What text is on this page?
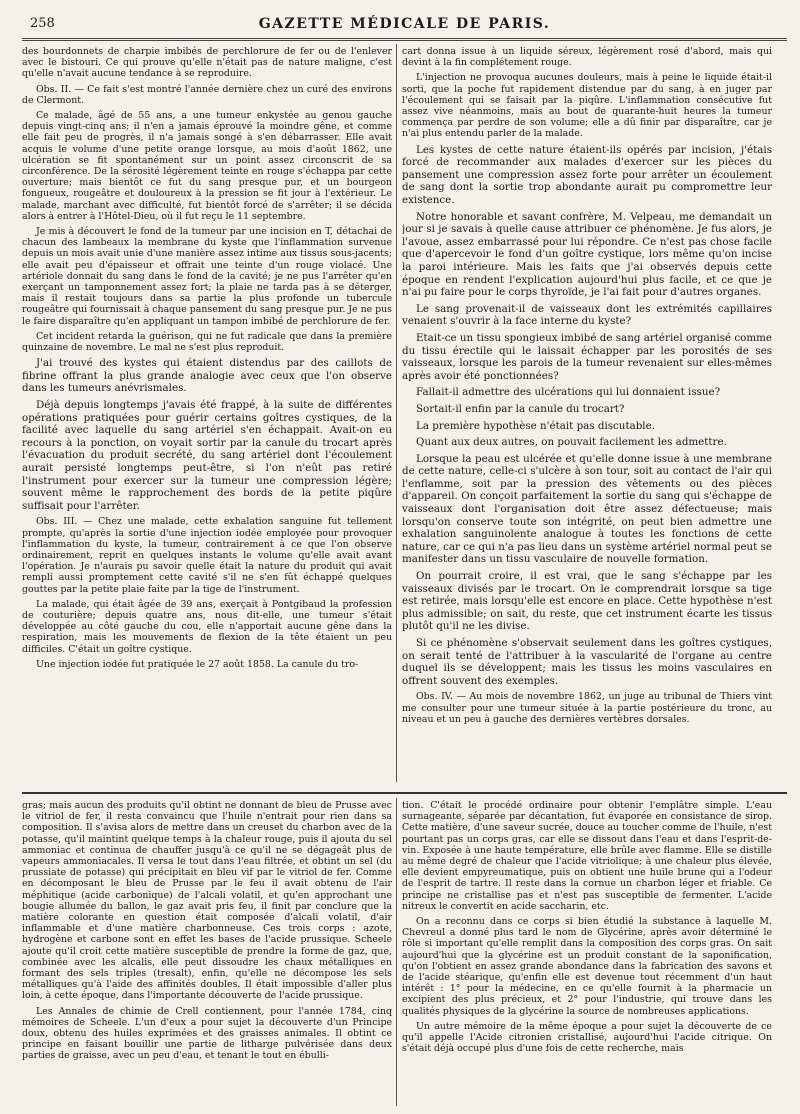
258	GAZETTE MÉDICALE DE PARIS.

des bourdonnets de charpie imbibés de perchlorure de fer ou de l'enlever avec le bistouri. Ce qui prouve qu'elle n'était pas de nature maligne, c'est qu'elle n'avait aucune tendance à se reproduire.

Obs. II. — Ce fait s'est montré l'année dernière chez un curé des environs de Clermont.

Ce malade, âgé de 55 ans, a une tumeur enkystée au genou gauche depuis vingt-cinq ans; il n'en a jamais éprouvé la moindre gêne, et comme elle fait peu de progrès, il n'a jamais songé à s'en débarrasser. Elle avait acquis le volume d'une petite orange lorsque, au mois d'août 1862, une ulcération se fit spontanément sur un point assez circonscrit de sa circonférence. De la sérosité légèrement teinte en rouge s'échappa par cette ouverture; mais bientôt ce fut du sang presque pur, et un bourgeon fongueux, rougeâtre et douloureux à la pression se fit jour à l'extérieur. Le malade, marchant avec difficulté, fut bientôt forcé de s'arrêter; il se décida alors à entrer à l'Hôtel-Dieu, où il fut reçu le 11 septembre.

Je mis à découvert le fond de la tumeur par une incision en T, détachai de chacun des lambeaux la membrane du kyste que l'inflammation survenue depuis un mois avait unie d'une manière assez intime aux tissus sous-jacents; elle avait peu d'épaisseur et offrait une teinte d'un rouge violacé. Une artériole donnait du sang dans le fond de la cavité; je ne pus l'arrêter qu'en exerçant un tamponnement assez fort; la plaie ne tarda pas à se déterger, mais il restait toujours dans sa partie la plus profonde un tubercule rougeâtre qui fournissait à chaque pansement du sang presque pur. Je ne pus le faire disparaître qu'en appliquant un tampon imbibé de perchlorure de fer.

Cet incident retarda la guérison, qui ne fut radicale que dans la première quinzaine de novembre. Le mal ne s'est plus reproduit.

J'ai trouvé des kystes qui étaient distendus par des caillots de fibrine offrant la plus grande analogie avec ceux que l'on observe dans les tumeurs anévrismales.

Déjà depuis longtemps j'avais été frappé, à la suite de différentes opérations pratiquées pour guérir certains goîtres cystiques, de la facilité avec laquelle du sang artériel s'en échappait. Avait-on eu recours à la ponction, on voyait sortir par la canule du trocart après l'évacuation du produit secrété, du sang artériel dont l'écoulement aurait persisté longtemps peut-être, si l'on n'eût pas retiré l'instrument pour exercer sur la tumeur une compression légère; souvent même le rapprochement des bords de la petite piqûre suffisait pour l'arrêter.

Obs. III. — Chez une malade, cette exhalation sanguine fut tellement prompte, qu'après la sortie d'une injection iodée employée pour provoquer l'inflammation du kyste, la tumeur, contrairement à ce que l'on observe ordinairement, reprit en quelques instants le volume qu'elle avait avant l'opération. Je n'aurais pu savoir quelle était la nature du produit qui avait rempli aussi promptement cette cavité s'il ne s'en fût échappé quelques gouttes par la petite plaie faite par la tige de l'instrument.

La malade, qui était âgée de 39 ans, exerçait à Pontgibaud la profession de couturière; depuis quatre ans, nous dit-elle, une tumeur s'était développée au côté gauche du cou, elle n'apportait aucune gêne dans la respiration, mais les mouvements de flexion de la tête étaient un peu difficiles. C'était un goître cystique.

Une injection iodée fut pratiquée le 27 août 1858. La canule du tro-

cart donna issue à un liquide séreux, légèrement rosé d'abord, mais qui devint à la fin complétement rouge.

L'injection ne provoqua aucunes douleurs, mais à peine le liquide était-il sorti, que la poche fut rapidement distendue par du sang, à en juger par l'écoulement qui se faisait par la piqûre. L'inflammation consécutive fut assez vive néanmoins, mais au bout de quarante-huit heures la tumeur commença par perdre de son volume; elle a dû finir par disparaître, car je n'ai plus entendu parler de la malade.

Les kystes de cette nature étaient-ils opérés par incision, j'étais forcé de recommander aux malades d'exercer sur les pièces du pansement une compression assez forte pour arrêter un écoulement de sang dont la sortie trop abondante aurait pu compromettre leur existence.

Notre honorable et savant confrère, M. Velpeau, me demandait un jour si je savais à quelle cause attribuer ce phénomène. Je fus alors, je l'avoue, assez embarrassé pour lui répondre. Ce n'est pas chose facile que d'apercevoir le fond d'un goître cystique, lors même qu'on incise la paroi intérieure. Mais les faits que j'ai observés depuis cette époque en rendent l'explication aujourd'hui plus facile, et ce que je n'ai pu faire pour le corps thyroïde, je l'ai fait pour d'autres organes.

Le sang provenait-il de vaisseaux dont les extrémités capillaires venaient s'ouvrir à la face interne du kyste?

Etait-ce un tissu spongieux imbibé de sang artériel organisé comme du tissu érectile qui le laissait échapper par les porosités de ses vaisseaux, lorsque les parois de la tumeur revenaient sur elles-mêmes après avoir été ponctionnées?

Fallait-il admettre des ulcérations qui lui donnaient issue?

Sortait-il enfin par la canule du trocart?

La première hypothèse n'était pas discutable.

Quant aux deux autres, on pouvait facilement les admettre.

Lorsque la peau est ulcérée et qu'elle donne issue à une membrane de cette nature, celle-ci s'ulcère à son tour, soit au contact de l'air qui l'enflamme, soit par la pression des vêtements ou des pièces d'appareil. On conçoit parfaitement la sortie du sang qui s'échappe de vaisseaux dont l'organisation doit être assez défectueuse; mais lorsqu'on conserve toute son intégrité, on peut bien admettre une exhalation sanguinolente analogue à toutes les fonctions de cette nature, car ce qui n'a pas lieu dans un système artériel normal peut se manifester dans un tissu vasculaire de nouvelle formation.

On pourrait croire, il est vrai, que le sang s'échappe par les vaisseaux divisés par le trocart. On le comprendrait lorsque sa tige est retirée, mais lorsqu'elle est encore en place. Cette hypothèse n'est plus admissible; on sait, du reste, que cet instrument écarte les tissus plutôt qu'il ne les divise.

Si ce phénomène s'observait seulement dans les goîtres cystiques, on serait tenté de l'attribuer à la vascularité de l'organe au centre duquel ils se développent; mais les tissus les moins vasculaires en offrent souvent des exemples.

Obs. IV. — Au mois de novembre 1862, un juge au tribunal de Thiers vint me consulter pour une tumeur située à la partie postérieure du tronc, au niveau et un peu à gauche des dernières vertèbres dorsales.

gras; mais aucun des produits qu'il obtint ne donnant de bleu de Prusse avec le vitriol de fer, il resta convaincu que l'huile n'entrait pour rien dans sa composition. Il s'avisa alors de mettre dans un creuset du charbon avec de la potasse, qu'il maintint quelque temps à la chaleur rouge, puis il ajouta du sel ammoniac et continua de chauffer jusqu'à ce qu'il ne se dégageât plus de vapeurs ammoniacales. Il versa le tout dans l'eau filtrée, et obtint un sel (du prussiate de potasse) qui précipitait en bleu vif par le vitriol de fer. Comme en décomposant le bleu de Prusse par le feu il avait obtenu de l'air méphitique (acide carbonique) de l'alcali volatil, et qu'en approchant une bougie allumée du ballon, le gaz avait pris feu, il finit par conclure que la matière colorante en question était composée d'alcali volatil, d'air inflammable et d'une matière charbonneuse. Ces trois corps : azote, hydrogène et carbone sont en effet les bases de l'acide prussique. Scheele ajoute qu'il croit cette matière susceptible de prendre la forme de gaz, que, combinée avec les alcalis, elle peut dissoudre les chaux métalliques en formant des sels triples (tresalt), enfin, qu'elle ne décompose les sels métalliques qu'à l'aide des affinités doubles. Il était impossible d'aller plus loin, à cette époque, dans l'importante découverte de l'acide prussique.

Les Annales de chimie de Crell contiennent, pour l'année 1784, cinq mémoires de Scheele. L'un d'eux a pour sujet la découverte d'un Principe doux, obtenu des huiles exprimées et des graisses animales. Il obtint ce principe en faisant bouillir une partie de litharge pulvérisée dans deux parties de graisse, avec un peu d'eau, et tenant le tout en ébulli-

tion. C'était le procédé ordinaire pour obtenir l'emplâtre simple. L'eau surnageante, séparée par décantation, fut évaporée en consistance de sirop. Cette matière, d'une saveur sucrée, douce au toucher comme de l'huile, n'est pourtant pas un corps gras, car elle se dissout dans l'eau et dans l'esprit-de-vin. Exposée à une haute température, elle brûle avec flamme. Elle se distille au même degré de chaleur que l'acide vitriolique; à une chaleur plus élevée, elle devient empyreumatique, puis on obtient une huile brune qui a l'odeur de l'esprit de tartre. Il reste dans la cornue un charbon léger et friable. Ce principe ne cristallise pas et n'est pas susceptible de fermenter. L'acide nitreux le convertit en acide saccharin, etc.

On a reconnu dans ce corps si bien étudié la substance à laquelle M. Chevreul a donné plus tard le nom de Glycérine, après avoir déterminé le rôle si important qu'elle remplit dans la composition des corps gras. On sait aujourd'hui que la glycérine est un produit constant de la saponification, qu'on l'obtient en assez grande abondance dans la fabrication des savons et de l'acide stéarique, qu'enfin elle est devenue tout récemment d'un haut intérêt : 1° pour la médecine, en ce qu'elle fournit à la pharmacie un excipient des plus précieux, et 2° pour l'industrie, qui trouve dans les qualités physiques de la glycérine la source de nombreuses applications.

Un autre mémoire de la même époque a pour sujet la découverte de ce qu'il appelle l'Acide citronien cristallisé, aujourd'hui l'acide citrique. On s'était déjà occupé plus d'une fois de cette recherche, mais
